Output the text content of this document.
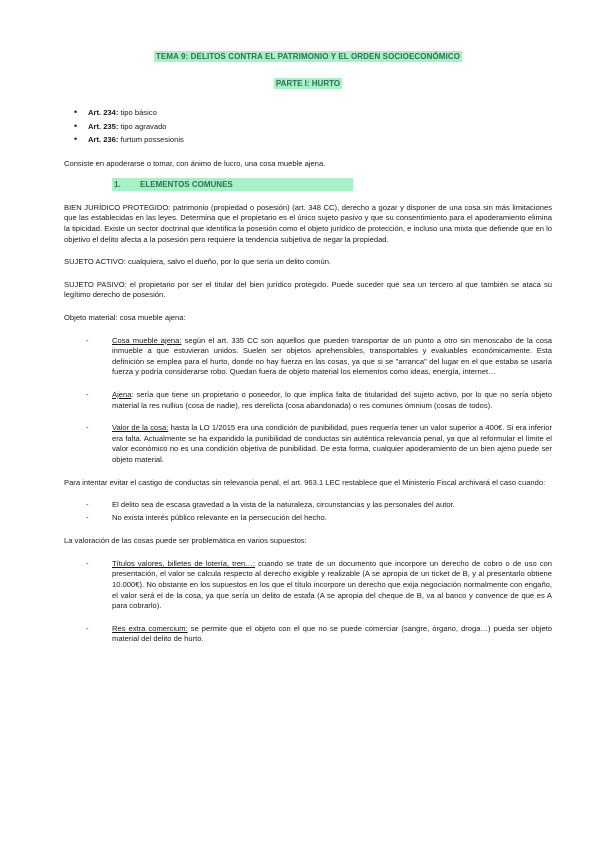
TEMA 9: DELITOS CONTRA EL PATRIMONIO Y EL ORDEN SOCIOECONÓMICO
PARTE I: HURTO
• Art. 234: tipo básico
• Art. 235: tipo agravado
• Art. 236: furtum possesionis

Consiste en apoderarse o tomar, con ánimo de lucro, una cosa mueble ajena.

1. ELEMENTOS COMUNES

BIEN JURÍDICO PROTEGIDO: patrimonio (propiedad o posesión) (art. 348 CC), derecho a gozar y disponer de una cosa sin más limitaciones que las establecidas en las leyes. Determina que el propietario es el único sujeto pasivo y que su consentimiento para el apoderamiento elimina la tipicidad. Existe un sector doctrinal que identifica la posesión como el objeto jurídico de protección, e incluso una mixta que defiende que en lo objetivo el delito afecta a la posesión pero requiere la tendencia subjetiva de negar la propiedad.

SUJETO ACTIVO: cualquiera, salvo el dueño, por lo que sería un delito común.

SUJETO PASIVO: el propietario por ser el titular del bien jurídico protegido. Puede suceder que sea un tercero al que también se ataca su legítimo derecho de posesión.

Objeto material: cosa mueble ajena:

-	Cosa mueble ajena: según el art. 335 CC son aquellos que pueden transportar de un punto a otro sin menoscabo de la cosa inmueble a que estuvieran unidos. Suelen ser objetos aprehensibles, transportables y evaluables económicamente. Esta definición se emplea para el hurto, donde no hay fuerza en las cosas, ya que si se "arranca" del lugar en el que estaba se usaría fuerza y podría considerarse robo. Quedan fuera de objeto material los elementos como ideas, energía, internet…

-	Ajena: sería que tiene un propietario o poseedor, lo que implica falta de titularidad del sujeto activo, por lo que no sería objeto material la res nullius (cosa de nadie), res derelicta (cosa abandonada) o res comunes ómnium (cosas de todos).

-	Valor de la cosa: hasta la LO 1/2015 era una condición de punibilidad, pues requería tener un valor superior a 400€. Si era inferior era falta. Actualmente se ha expandido la punibilidad de conductas sin auténtica relevancia penal, ya que al reformular el límite el valor económico no es una condición objetiva de punibilidad. De esta forma, cualquier apoderamiento de un bien ajeno puede ser objeto material.

Para intentar evitar el castigo de conductas sin relevancia penal, el art. 963.1 LEC restablece que el Ministerio Fiscal archivará el caso cuando:

-	El delito sea de escasa gravedad a la vista de la naturaleza, circunstancias y las personales del autor.
-	No exista interés público relevante en la persecución del hecho.

La valoración de las cosas puede ser problemática en varios supuestos:

-	Títulos valores, billetes de lotería, tren…: cuando se trate de un documento que incorpore un derecho de cobro o de uso con presentación, el valor se calcula respecto al derecho exigible y realizable (A se apropia de un ticket de B, y al presentarlo obtiene 10.000€). No obstante en los supuestos en los que el título incorpore un derecho que exija negociación normalmente con engaño, el valor será el de la cosa, ya que sería un delito de estafa (A se apropia del cheque de B, va al banco y convence de que es A para cobrarlo).

-	Res extra comercium: se permite que el objeto con el que no se puede comerciar (sangre, órgano, droga…) pueda ser objeto material del delito de hurto.
